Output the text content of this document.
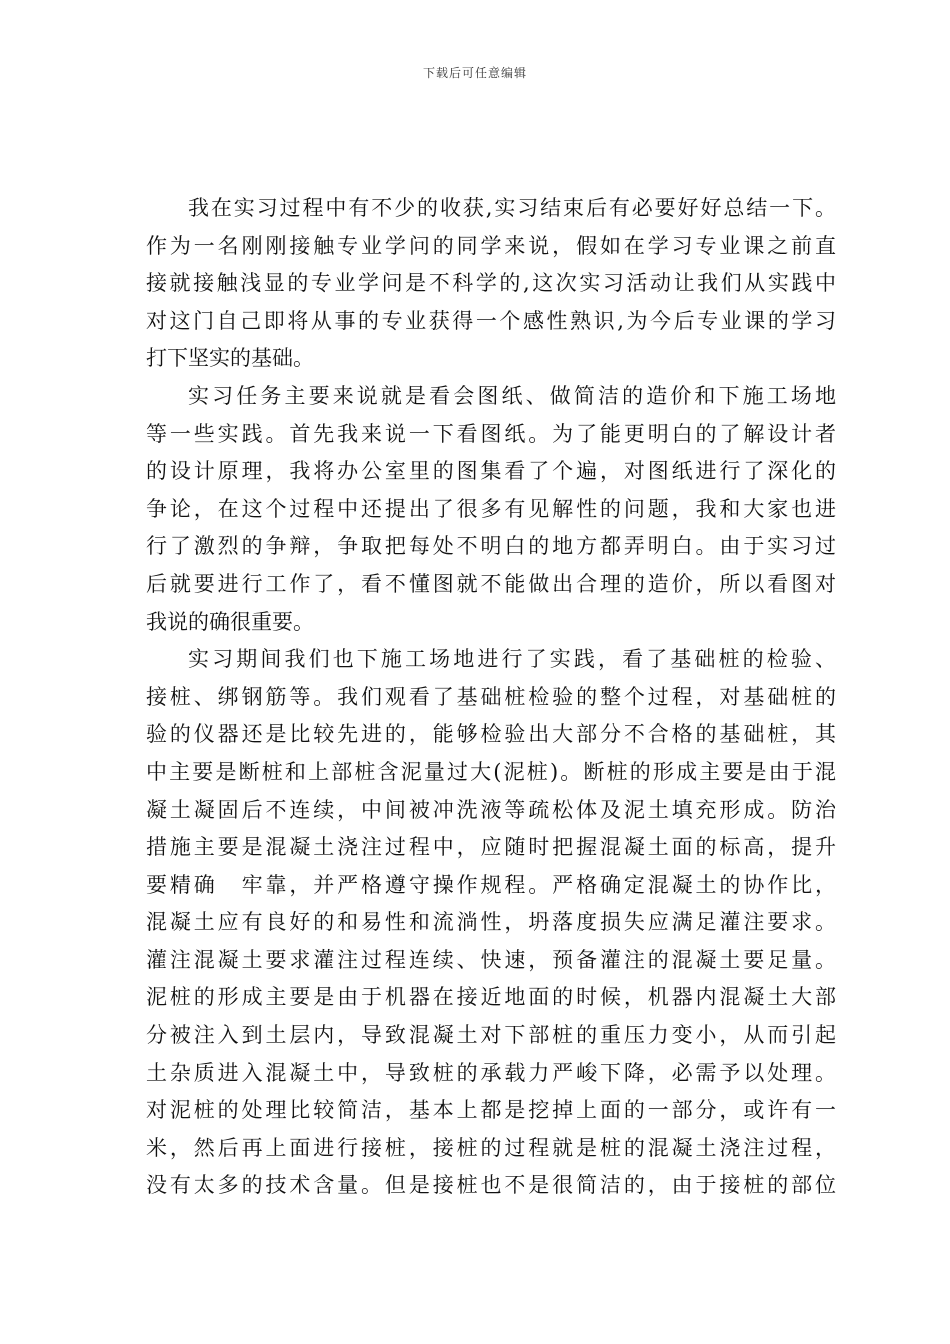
下载后可任意编辑
我在实习过程中有不少的收获,实习结束后有必要好好总结一下。
作为一名刚刚接触专业学问的同学来说，假如在学习专业课之前直
接就接触浅显的专业学问是不科学的,这次实习活动让我们从实践中
对这门自己即将从事的专业获得一个感性熟识,为今后专业课的学习
打下坚实的基础。
实习任务主要来说就是看会图纸、做简洁的造价和下施工场地
等一些实践。首先我来说一下看图纸。为了能更明白的了解设计者
的设计原理，我将办公室里的图集看了个遍，对图纸进行了深化的
争论，在这个过程中还提出了很多有见解性的问题，我和大家也进
行了激烈的争辩，争取把每处不明白的地方都弄明白。由于实习过
后就要进行工作了，看不懂图就不能做出合理的造价，所以看图对
我说的确很重要。
实习期间我们也下施工场地进行了实践，看了基础桩的检验、
接桩、绑钢筋等。我们观看了基础桩检验的整个过程，对基础桩的
验的仪器还是比较先进的，能够检验出大部分不合格的基础桩，其
中主要是断桩和上部桩含泥量过大(泥桩)。断桩的形成主要是由于混
凝土凝固后不连续，中间被冲洗液等疏松体及泥土填充形成。防治
措施主要是混凝土浇注过程中，应随时把握混凝土面的标高，提升
要精确　牢靠，并严格遵守操作规程。严格确定混凝土的协作比，
混凝土应有良好的和易性和流淌性，坍落度损失应满足灌注要求。
灌注混凝土要求灌注过程连续、快速，预备灌注的混凝土要足量。
泥桩的形成主要是由于机器在接近地面的时候，机器内混凝土大部
分被注入到土层内，导致混凝土对下部桩的重压力变小，从而引起
土杂质进入混凝土中，导致桩的承载力严峻下降，必需予以处理。
对泥桩的处理比较简洁，基本上都是挖掉上面的一部分，或许有一
米，然后再上面进行接桩，接桩的过程就是桩的混凝土浇注过程，
没有太多的技术含量。但是接桩也不是很简洁的，由于接桩的部位
